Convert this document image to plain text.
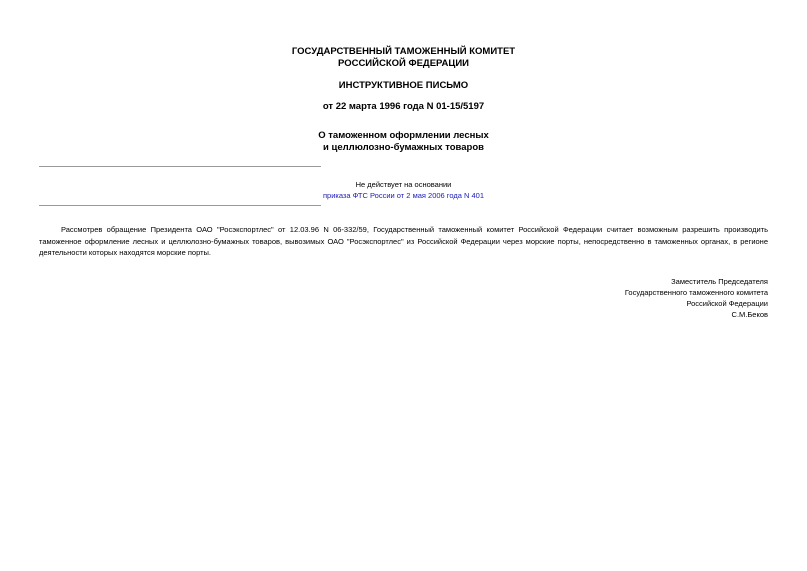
ГОСУДАРСТВЕННЫЙ ТАМОЖЕННЫЙ КОМИТЕТ
РОССИЙСКОЙ ФЕДЕРАЦИИ
ИНСТРУКТИВНОЕ ПИСЬМО
от 22 марта 1996 года N 01-15/5197
О таможенном оформлении лесных
и целлюлозно-бумажных товаров
Не действует на основании
приказа ФТС России от 2 мая 2006 года N 401

Рассмотрев обращение Президента ОАО "Росэкспортлес" от 12.03.96 N 06-332/59, Государственный таможенный комитет Российской Федерации считает возможным разрешить производить таможенное оформление лесных и целлюлозно-бумажных товаров, вывозимых ОАО "Росэкспортлес" из Российской Федерации через морские порты, непосредственно в таможенных органах, в регионе деятельности которых находятся морские порты.

Заместитель Председателя
Государственного таможенного комитета
Российской Федерации
С.М.Беков
